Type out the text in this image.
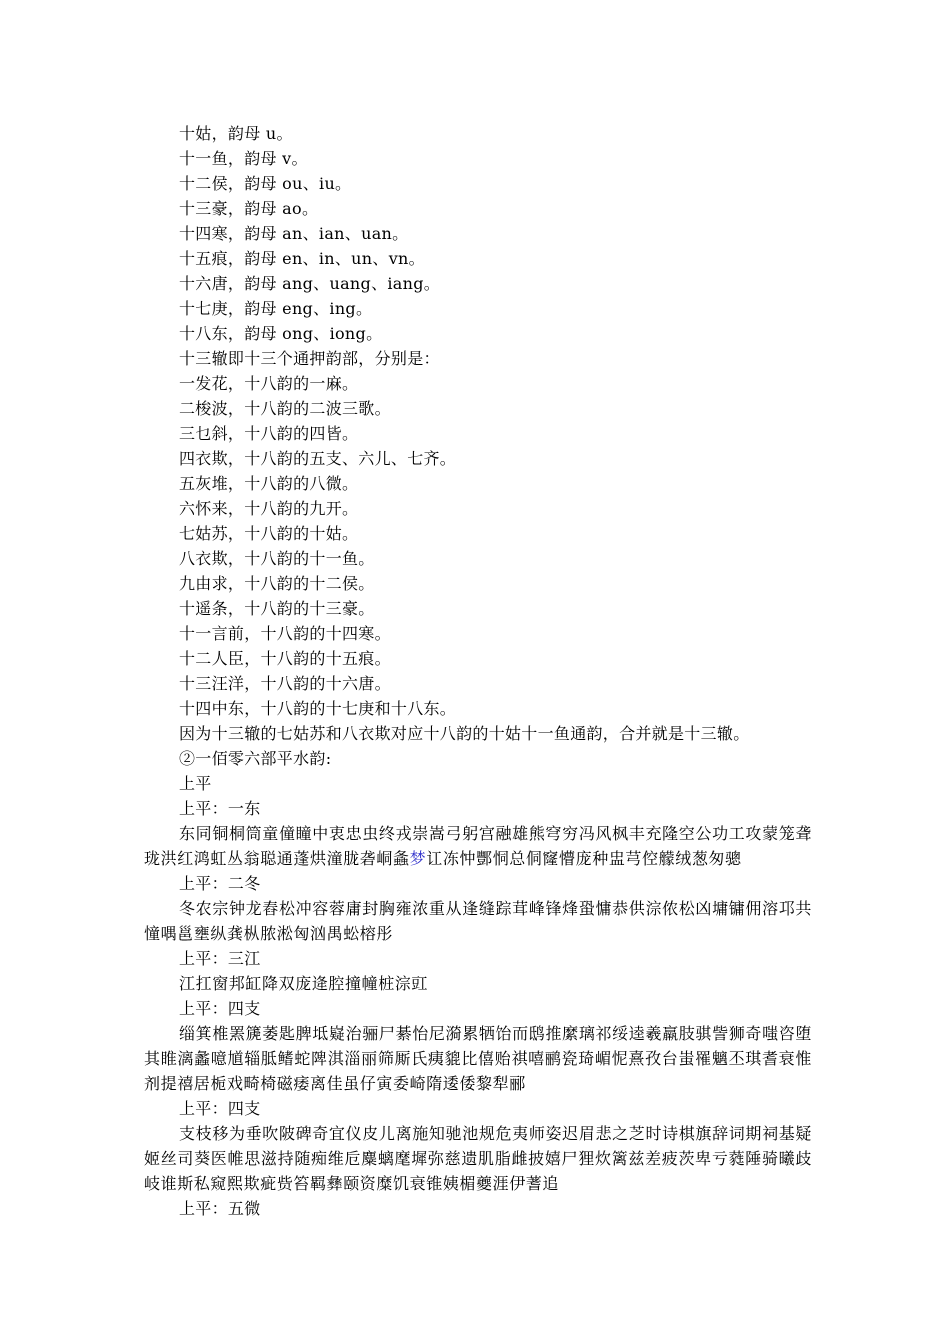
十姑，韵母 u。
十一鱼，韵母 v。
十二侯，韵母 ou、iu。
十三豪，韵母 ao。
十四寒，韵母 an、ian、uan。
十五痕，韵母 en、in、un、vn。
十六唐，韵母 ang、uang、iang。
十七庚，韵母 eng、ing。
十八东，韵母 ong、iong。
十三辙即十三个通押韵部，分别是：
一发花，十八韵的一麻。
二梭波，十八韵的二波三歌。
三乜斜，十八韵的四皆。
四衣欺，十八韵的五支、六儿、七齐。
五灰堆，十八韵的八微。
六怀来，十八韵的九开。
七姑苏，十八韵的十姑。
八衣欺，十八韵的十一鱼。
九由求，十八韵的十二侯。
十遥条，十八韵的十三豪。
十一言前，十八韵的十四寒。
十二人臣，十八韵的十五痕。
十三汪洋，十八韵的十六唐。
十四中东，十八韵的十七庚和十八东。
因为十三辙的七姑苏和八衣欺对应十八韵的十姑十一鱼通韵，合并就是十三辙。
②一佰零六部平水韵:
上平
上平：一东
东同铜桐筒童僮瞳中衷忠虫终戎崇嵩弓躬宫融雄熊穹穷冯风枫丰充隆空公功工攻蒙笼聋珑洪红鸿虹丛翁聪通蓬烘潼胧砻峒螽梦讧冻忡酆恫总侗窿懵庞种盅芎倥艨绒葱匆骢
上平：二冬
冬农宗钟龙舂松冲容蓉庸封胸雍浓重从逢缝踪茸峰锋烽蛩慵恭供淙侬松凶墉镛佣溶邛共憧喁邕壅纵龚枞脓淞匈汹禺蚣榕彤
上平：三江
江扛窗邦缸降双庞逄腔撞幢桩淙豇
上平：四支
缁箕椎罴篪萎匙脾坻嶷治骊尸綦怡尼漪累牺饴而鸱推縻璃祁绥逵羲羸肢骐訾狮奇嗤咨堕其睢漓蠡噫馗辎胝鳍蛇陴淇淄丽筛厮氏痍貔比僖贻祺嘻鹂瓷琦嵋怩熹孜台蚩罹魑丕琪耆衰惟剂提禧居栀戏畸椅磁痿离佳虽仔寅委崎隋逶倭黎犁郦
上平：四支
支枝移为垂吹陂碑奇宜仪皮儿离施知驰池规危夷师姿迟眉悲之芝时诗棋旗辞词期祠基疑姬丝司葵医帷思滋持随痴维卮麋螭麾墀弥慈遗肌脂雌披嬉尸狸炊篱兹差疲茨卑亏蕤陲骑曦歧岐谁斯私窥熙欺疵赀笞羁彝颐资糜饥衰锥姨楣夔涯伊蓍追
上平：五微
